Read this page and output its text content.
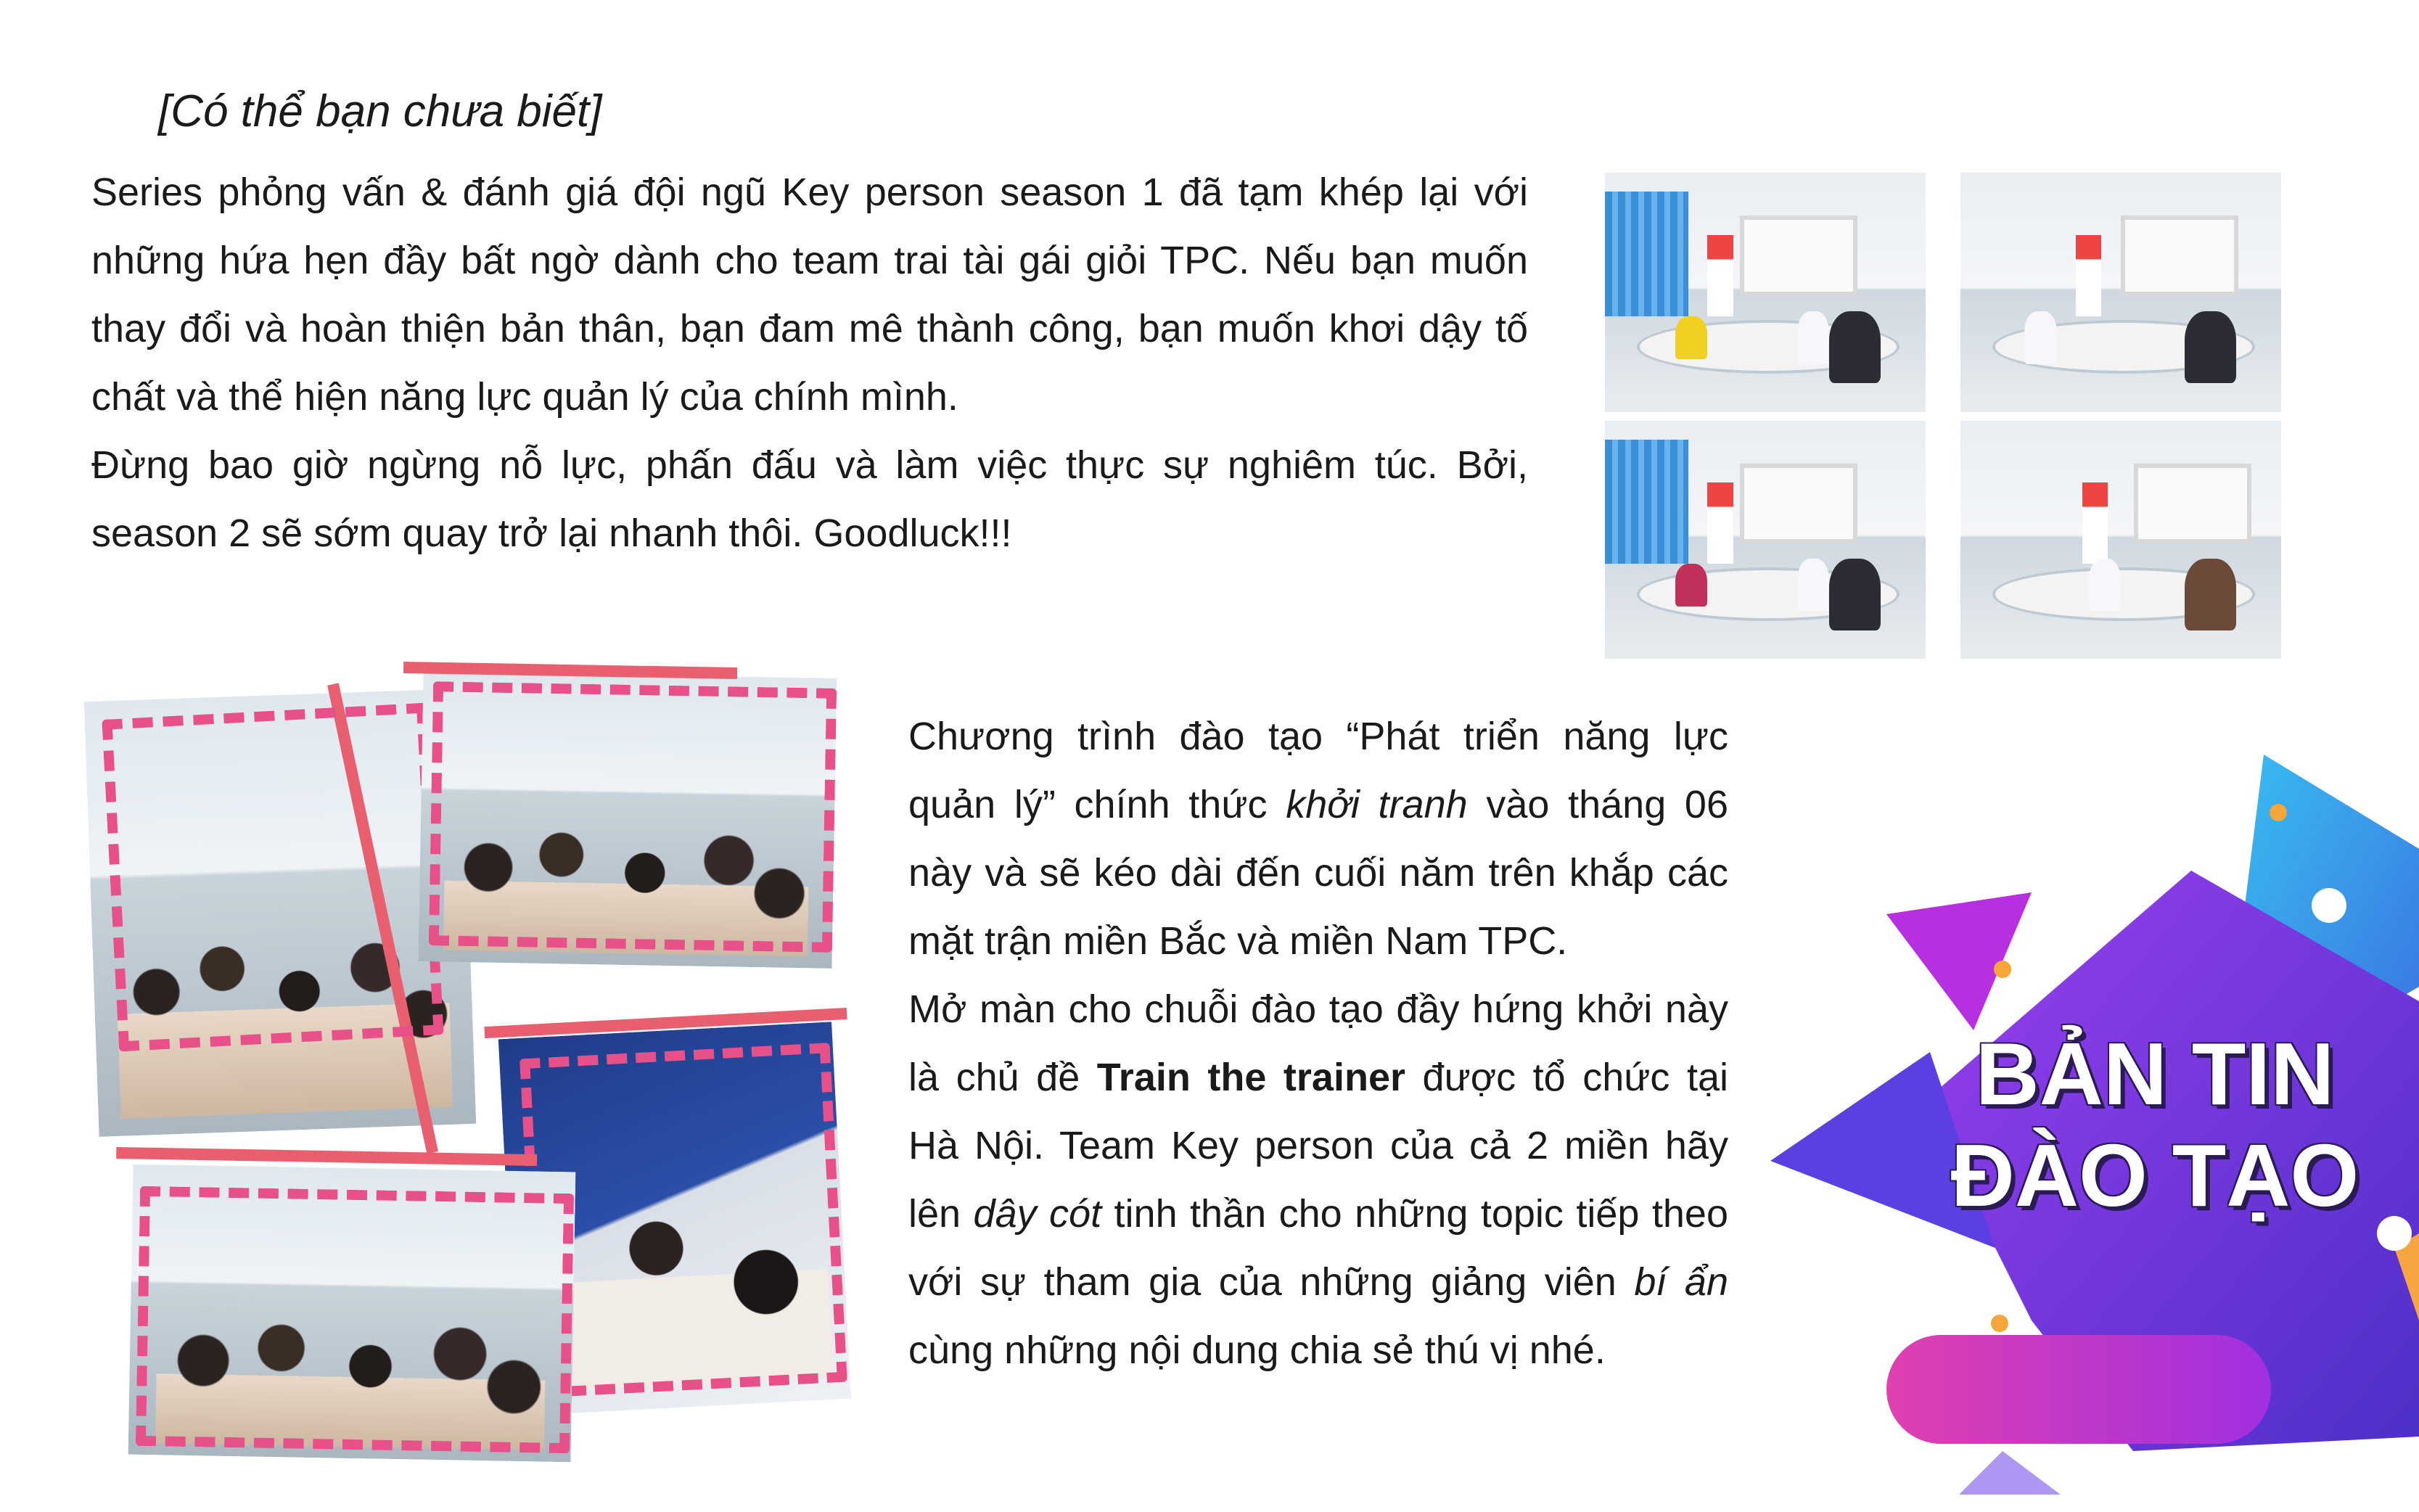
[Có thể bạn chưa biết]

Series phỏng vấn & đánh giá đội ngũ Key person season 1 đã tạm khép lại với những hứa hẹn đầy bất ngờ dành cho team trai tài gái giỏi TPC. Nếu bạn muốn thay đổi và hoàn thiện bản thân, bạn đam mê thành công, bạn muốn khơi dậy tố chất và thể hiện năng lực quản lý của chính mình.

Đừng bao giờ ngừng nỗ lực, phấn đấu và làm việc thực sự nghiêm túc. Bởi, season 2 sẽ sớm quay trở lại nhanh thôi. Goodluck!!!

Chương trình đào tạo “Phát triển năng lực quản lý” chính thức khởi tranh vào tháng 06 này và sẽ kéo dài đến cuối năm trên khắp các mặt trận miền Bắc và miền Nam TPC.

Mở màn cho chuỗi đào tạo đầy hứng khởi này là chủ đề Train the trainer được tổ chức tại Hà Nội. Team Key person của cả 2 miền hãy lên dây cót tinh thần cho những topic tiếp theo với sự tham gia của những giảng viên bí ẩn cùng những nội dung chia sẻ thú vị nhé.

BẢN TIN
ĐÀO TẠO
